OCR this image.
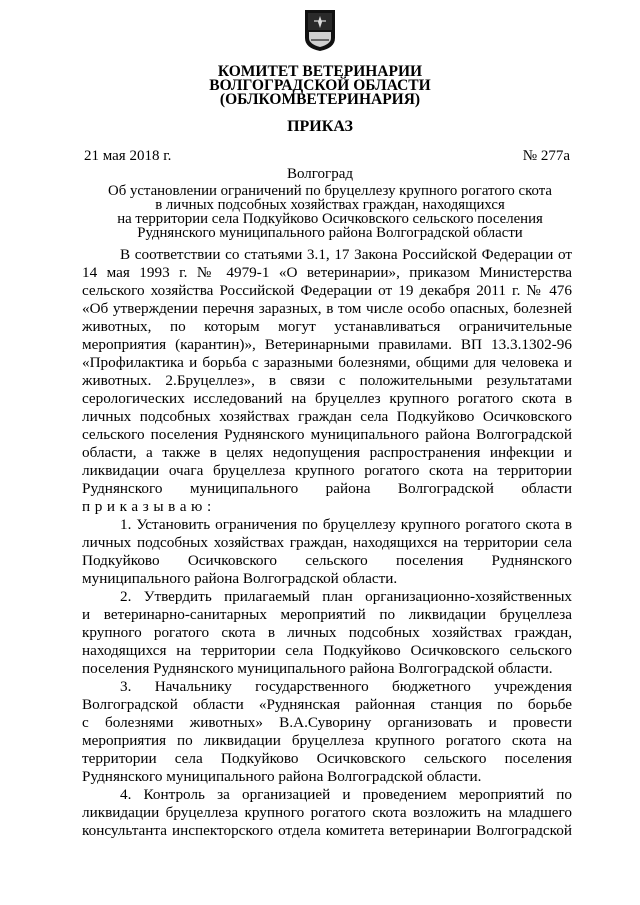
КОМИТЕТ ВЕТЕРИНАРИИ
ВОЛГОГРАДСКОЙ ОБЛАСТИ
(ОБЛКОМВЕТЕРИНАРИЯ)
ПРИКАЗ
21 мая 2018 г.	№ 277а
Волгоград
Об установлении ограничений по бруцеллезу крупного рогатого скота
в личных подсобных хозяйствах граждан, находящихся
на территории села Подкуйково Осичковского сельского поселения
Руднянского муниципального района Волгоградской области
В соответствии со статьями 3.1, 17 Закона Российской Федерации от
14 мая 1993 г. № 4979-1 «О ветеринарии», приказом Министерства
сельского хозяйства Российской Федерации от 19 декабря 2011 г. № 476
«Об утверждении перечня заразных, в том числе особо опасных, болезней
животных, по которым могут устанавливаться ограничительные
мероприятия (карантин)», Ветеринарными правилами. ВП 13.3.1302-96
«Профилактика и борьба с заразными болезнями, общими для человека и
животных. 2.Бруцеллез», в связи с положительными результатами
серологических исследований на бруцеллез крупного рогатого скота в
личных подсобных хозяйствах граждан села Подкуйково Осичковского
сельского поселения Руднянского муниципального района Волгоградской
области, а также в целях недопущения распространения инфекции и
ликвидации очага бруцеллеза крупного рогатого скота на территории
Руднянского муниципального района Волгоградской области
приказываю:
1. Установить ограничения по бруцеллезу крупного рогатого скота в
личных подсобных хозяйствах граждан, находящихся на территории села
Подкуйково Осичковского сельского поселения Руднянского
муниципального района Волгоградской области.
2. Утвердить прилагаемый план организационно-хозяйственных
и ветеринарно-санитарных мероприятий по ликвидации бруцеллеза
крупного рогатого скота в личных подсобных хозяйствах граждан,
находящихся на территории села Подкуйково Осичковского сельского
поселения Руднянского муниципального района Волгоградской области.
3. Начальнику государственного бюджетного учреждения
Волгоградской области «Руднянская районная станция по борьбе
с болезнями животных» В.А.Суворину организовать и провести
мероприятия по ликвидации бруцеллеза крупного рогатого скота на
территории села Подкуйково Осичковского сельского поселения
Руднянского муниципального района Волгоградской области.
4. Контроль за организацией и проведением мероприятий по
ликвидации бруцеллеза крупного рогатого скота возложить на младшего
консультанта инспекторского отдела комитета ветеринарии Волгоградской
